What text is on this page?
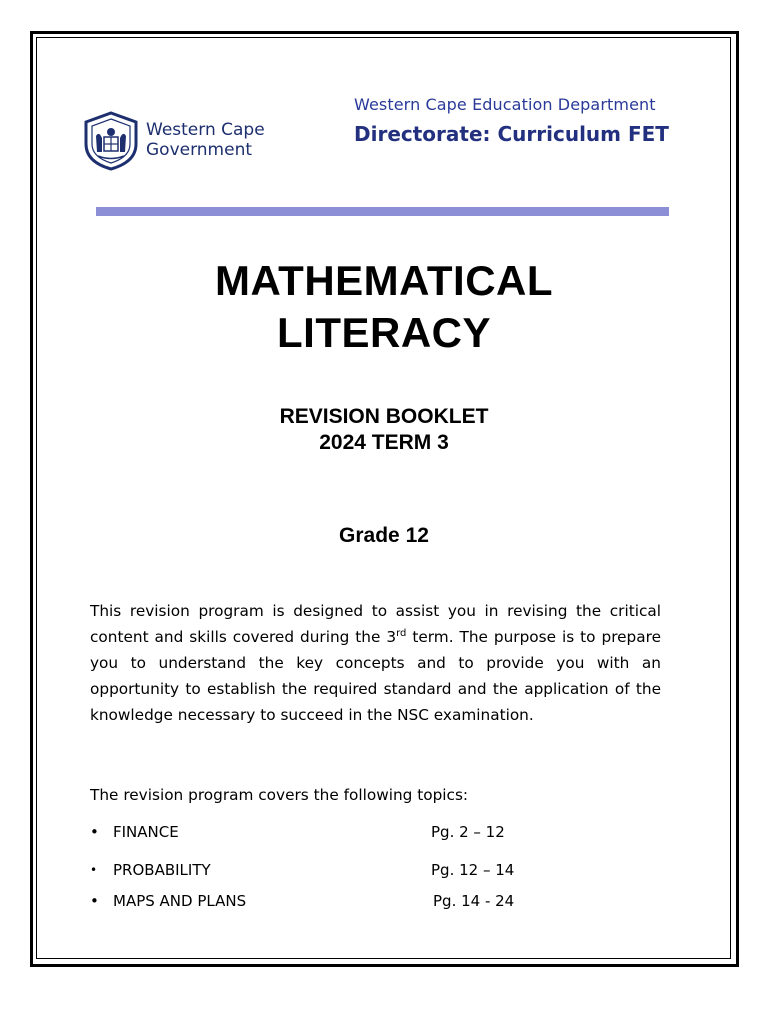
Western Cape
Government
Western Cape Education Department
Directorate: Curriculum FET
MATHEMATICAL
LITERACY
REVISION BOOKLET
2024 TERM 3
Grade 12

This revision program is designed to assist you in revising the critical content and skills covered during the 3rd term. The purpose is to prepare you to understand the key concepts and to provide you with an opportunity to establish the required standard and the application of the knowledge necessary to succeed in the NSC examination.

The revision program covers the following topics:
• FINANCE	Pg. 2 – 12
• PROBABILITY	Pg. 12 – 14
• MAPS AND PLANS	Pg. 14 - 24
